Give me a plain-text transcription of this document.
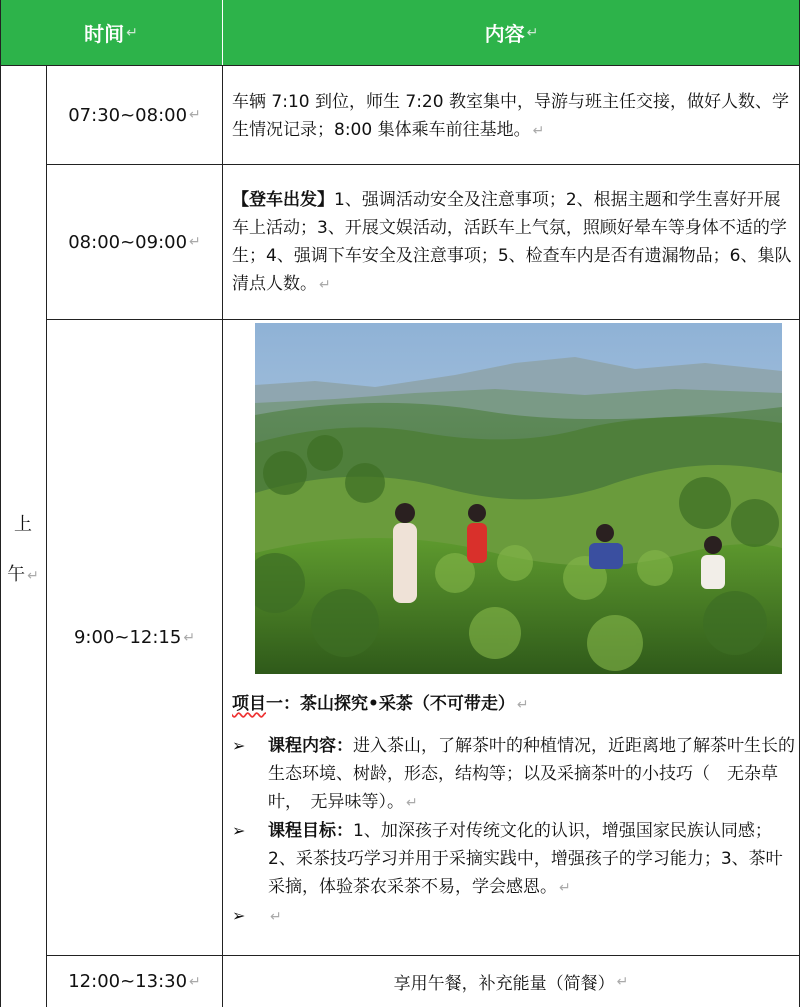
时间 ↵	内容 ↵
上
午 ↵
07:30~08:00 ↵
车辆 7:10 到位，师生 7:20 教室集中，导游与班主任交接，做好人数、学生情况记录；8:00 集体乘车前往基地。 ↵
08:00~09:00 ↵
【登车出发】1、强调活动安全及注意事项；2、根据主题和学生喜好开展车上活动；3、开展文娱活动，活跃车上气氛，照顾好晕车等身体不适的学生；4、强调下车安全及注意事项；5、检查车内是否有遗漏物品；6、集队清点人数。 ↵
9:00~12:15 ↵
项目一：茶山探究•采茶（不可带走） ↵
➢ 课程内容：进入茶山，了解茶叶的种植情况，近距离地了解茶叶生长的生态环境、树龄，形态，结构等；以及采摘茶叶的小技巧（　无杂草叶，　无异味等）。 ↵
➢ 课程目标：1、加深孩子对传统文化的认识，增强国家民族认同感；2、采茶技巧学习并用于采摘实践中，增强孩子的学习能力；3、茶叶采摘，体验茶农采茶不易，学会感恩。 ↵
➢ ↵
12:00~13:30 ↵	享用午餐，补充能量（简餐） ↵
